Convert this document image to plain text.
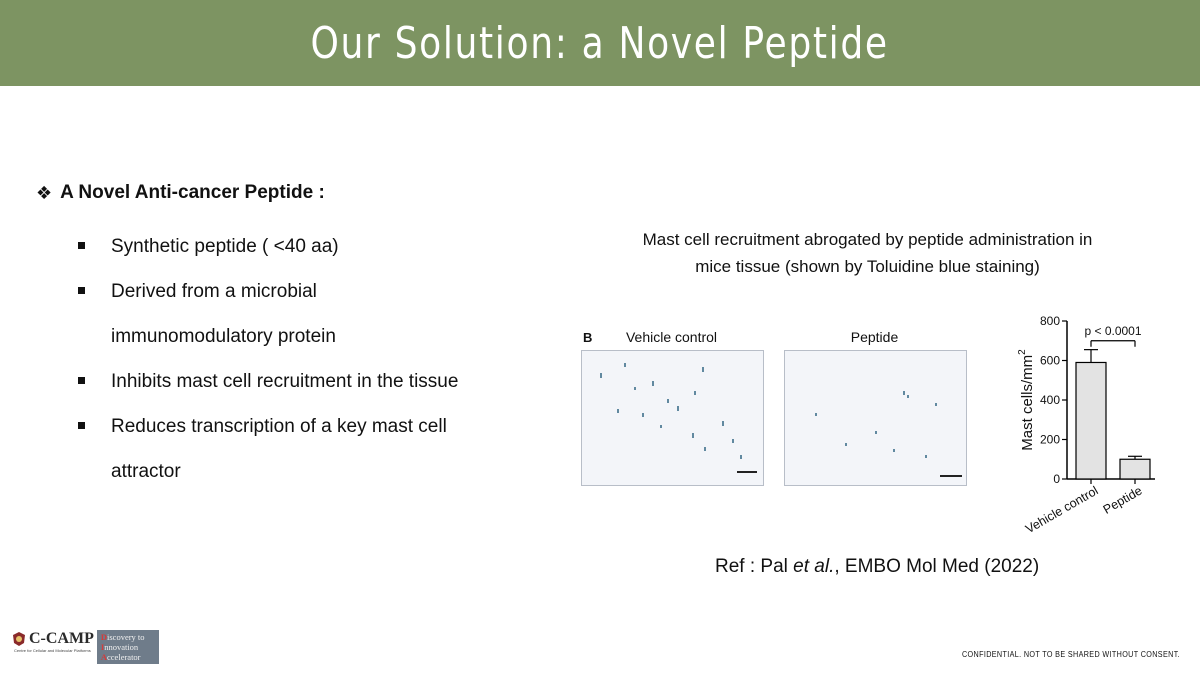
Our Solution: a Novel Peptide
❖ A Novel Anti-cancer Peptide :
Synthetic peptide ( <40 aa)
Derived from a microbial
immunomodulatory protein
Inhibits mast cell recruitment in the tissue
Reduces transcription of a key mast cell
attractor
Mast cell recruitment abrogated by peptide administration in
mice tissue (shown by Toluidine blue staining)
B	Vehicle control	Peptide
0
200
400
600
800
Mast cells/$mm^2$
Vehicle control Peptide
p < 0.0001
Ref : Pal et al., EMBO Mol Med (2022)
C-CAMP
Centre for Cellular and Molecular Platforms
Discovery to
Innovation
Accelerator	CONFIDENTIAL. NOT TO BE SHARED WITHOUT CONSENT.
